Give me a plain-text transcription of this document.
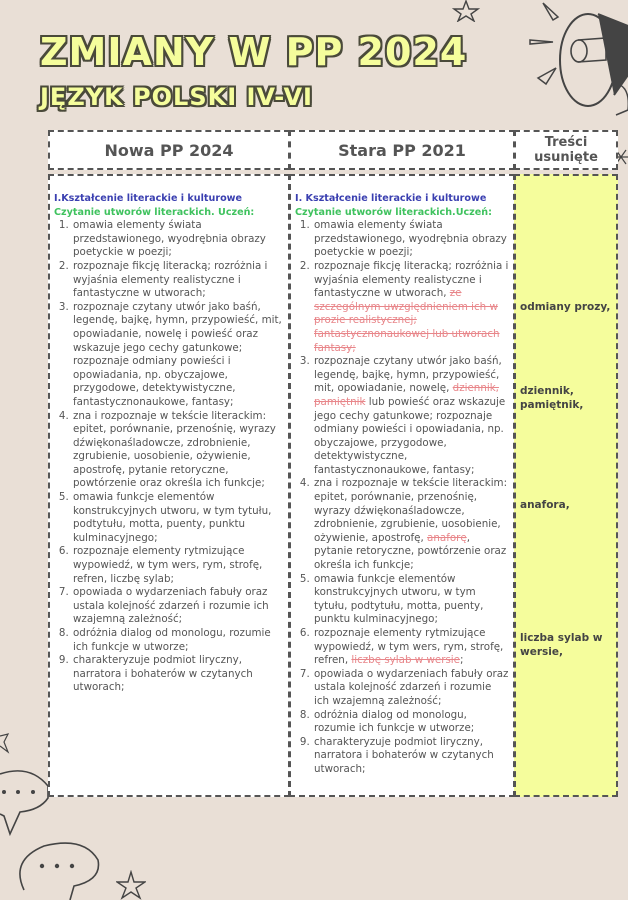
ZMIANY W PP 2024
JĘZYK POLSKI IV-VI
Nowa PP 2024	Stara PP 2021	Treści usunięte
I.Kształcenie literackie i kulturowe
Czytanie utworów literackich. Uczeń:
1. omawia elementy świata przedstawionego, wyodrębnia obrazy poetyckie w poezji;
2. rozpoznaje fikcję literacką; rozróżnia i wyjaśnia elementy realistyczne i fantastyczne w utworach;
3. rozpoznaje czytany utwór jako baśń, legendę, bajkę, hymn, przypowieść, mit, opowiadanie, nowelę i powieść oraz wskazuje jego cechy gatunkowe; rozpoznaje odmiany powieści i opowiadania, np. obyczajowe, przygodowe, detektywistyczne, fantastycznonaukowe, fantasy;
4. zna i rozpoznaje w tekście literackim: epitet, porównanie, przenośnię, wyrazy dźwiękonaśladowcze, zdrobnienie, zgrubienie, uosobienie, ożywienie, apostrofę, pytanie retoryczne, powtórzenie oraz określa ich funkcje;
5. omawia funkcje elementów konstrukcyjnych utworu, w tym tytułu, podtytułu, motta, puenty, punktu kulminacyjnego;
6. rozpoznaje elementy rytmizujące wypowiedź, w tym wers, rym, strofę, refren, liczbę sylab;
7. opowiada o wydarzeniach fabuły oraz ustala kolejność zdarzeń i rozumie ich wzajemną zależność;
8. odróżnia dialog od monologu, rozumie ich funkcje w utworze;
9. charakteryzuje podmiot liryczny, narratora i bohaterów w czytanych utworach;
I. Kształcenie literackie i kulturowe
Czytanie utworów literackich.Uczeń:
1. omawia elementy świata przedstawionego, wyodrębnia obrazy poetyckie w poezji;
2. rozpoznaje fikcję literacką; rozróżnia i wyjaśnia elementy realistyczne i fantastyczne w utworach, ze szczególnym uwzględnieniem ich w prozie realistycznej; fantastycznonaukowej lub utworach fantasy;
3. rozpoznaje czytany utwór jako baśń, legendę, bajkę, hymn, przypowieść, mit, opowiadanie, nowelę, dziennik, pamiętnik lub powieść oraz wskazuje jego cechy gatunkowe; rozpoznaje odmiany powieści i opowiadania, np. obyczajowe, przygodowe, detektywistyczne, fantastycznonaukowe, fantasy;
4. zna i rozpoznaje w tekście literackim: epitet, porównanie, przenośnię, wyrazy dźwiękonaśladowcze, zdrobnienie, zgrubienie, uosobienie, ożywienie, apostrofę, anaforę, pytanie retoryczne, powtórzenie oraz określa ich funkcje;
5. omawia funkcje elementów konstrukcyjnych utworu, w tym tytułu, podtytułu, motta, puenty, punktu kulminacyjnego;
6. rozpoznaje elementy rytmizujące wypowiedź, w tym wers, rym, strofę, refren, liczbę sylab w wersie;
7. opowiada o wydarzeniach fabuły oraz ustala kolejność zdarzeń i rozumie ich wzajemną zależność;
8. odróżnia dialog od monologu, rozumie ich funkcje w utworze;
9. charakteryzuje podmiot liryczny, narratora i bohaterów w czytanych utworach;
odmiany prozy,
dziennik, pamiętnik,
anafora,
liczba sylab w wersie,
